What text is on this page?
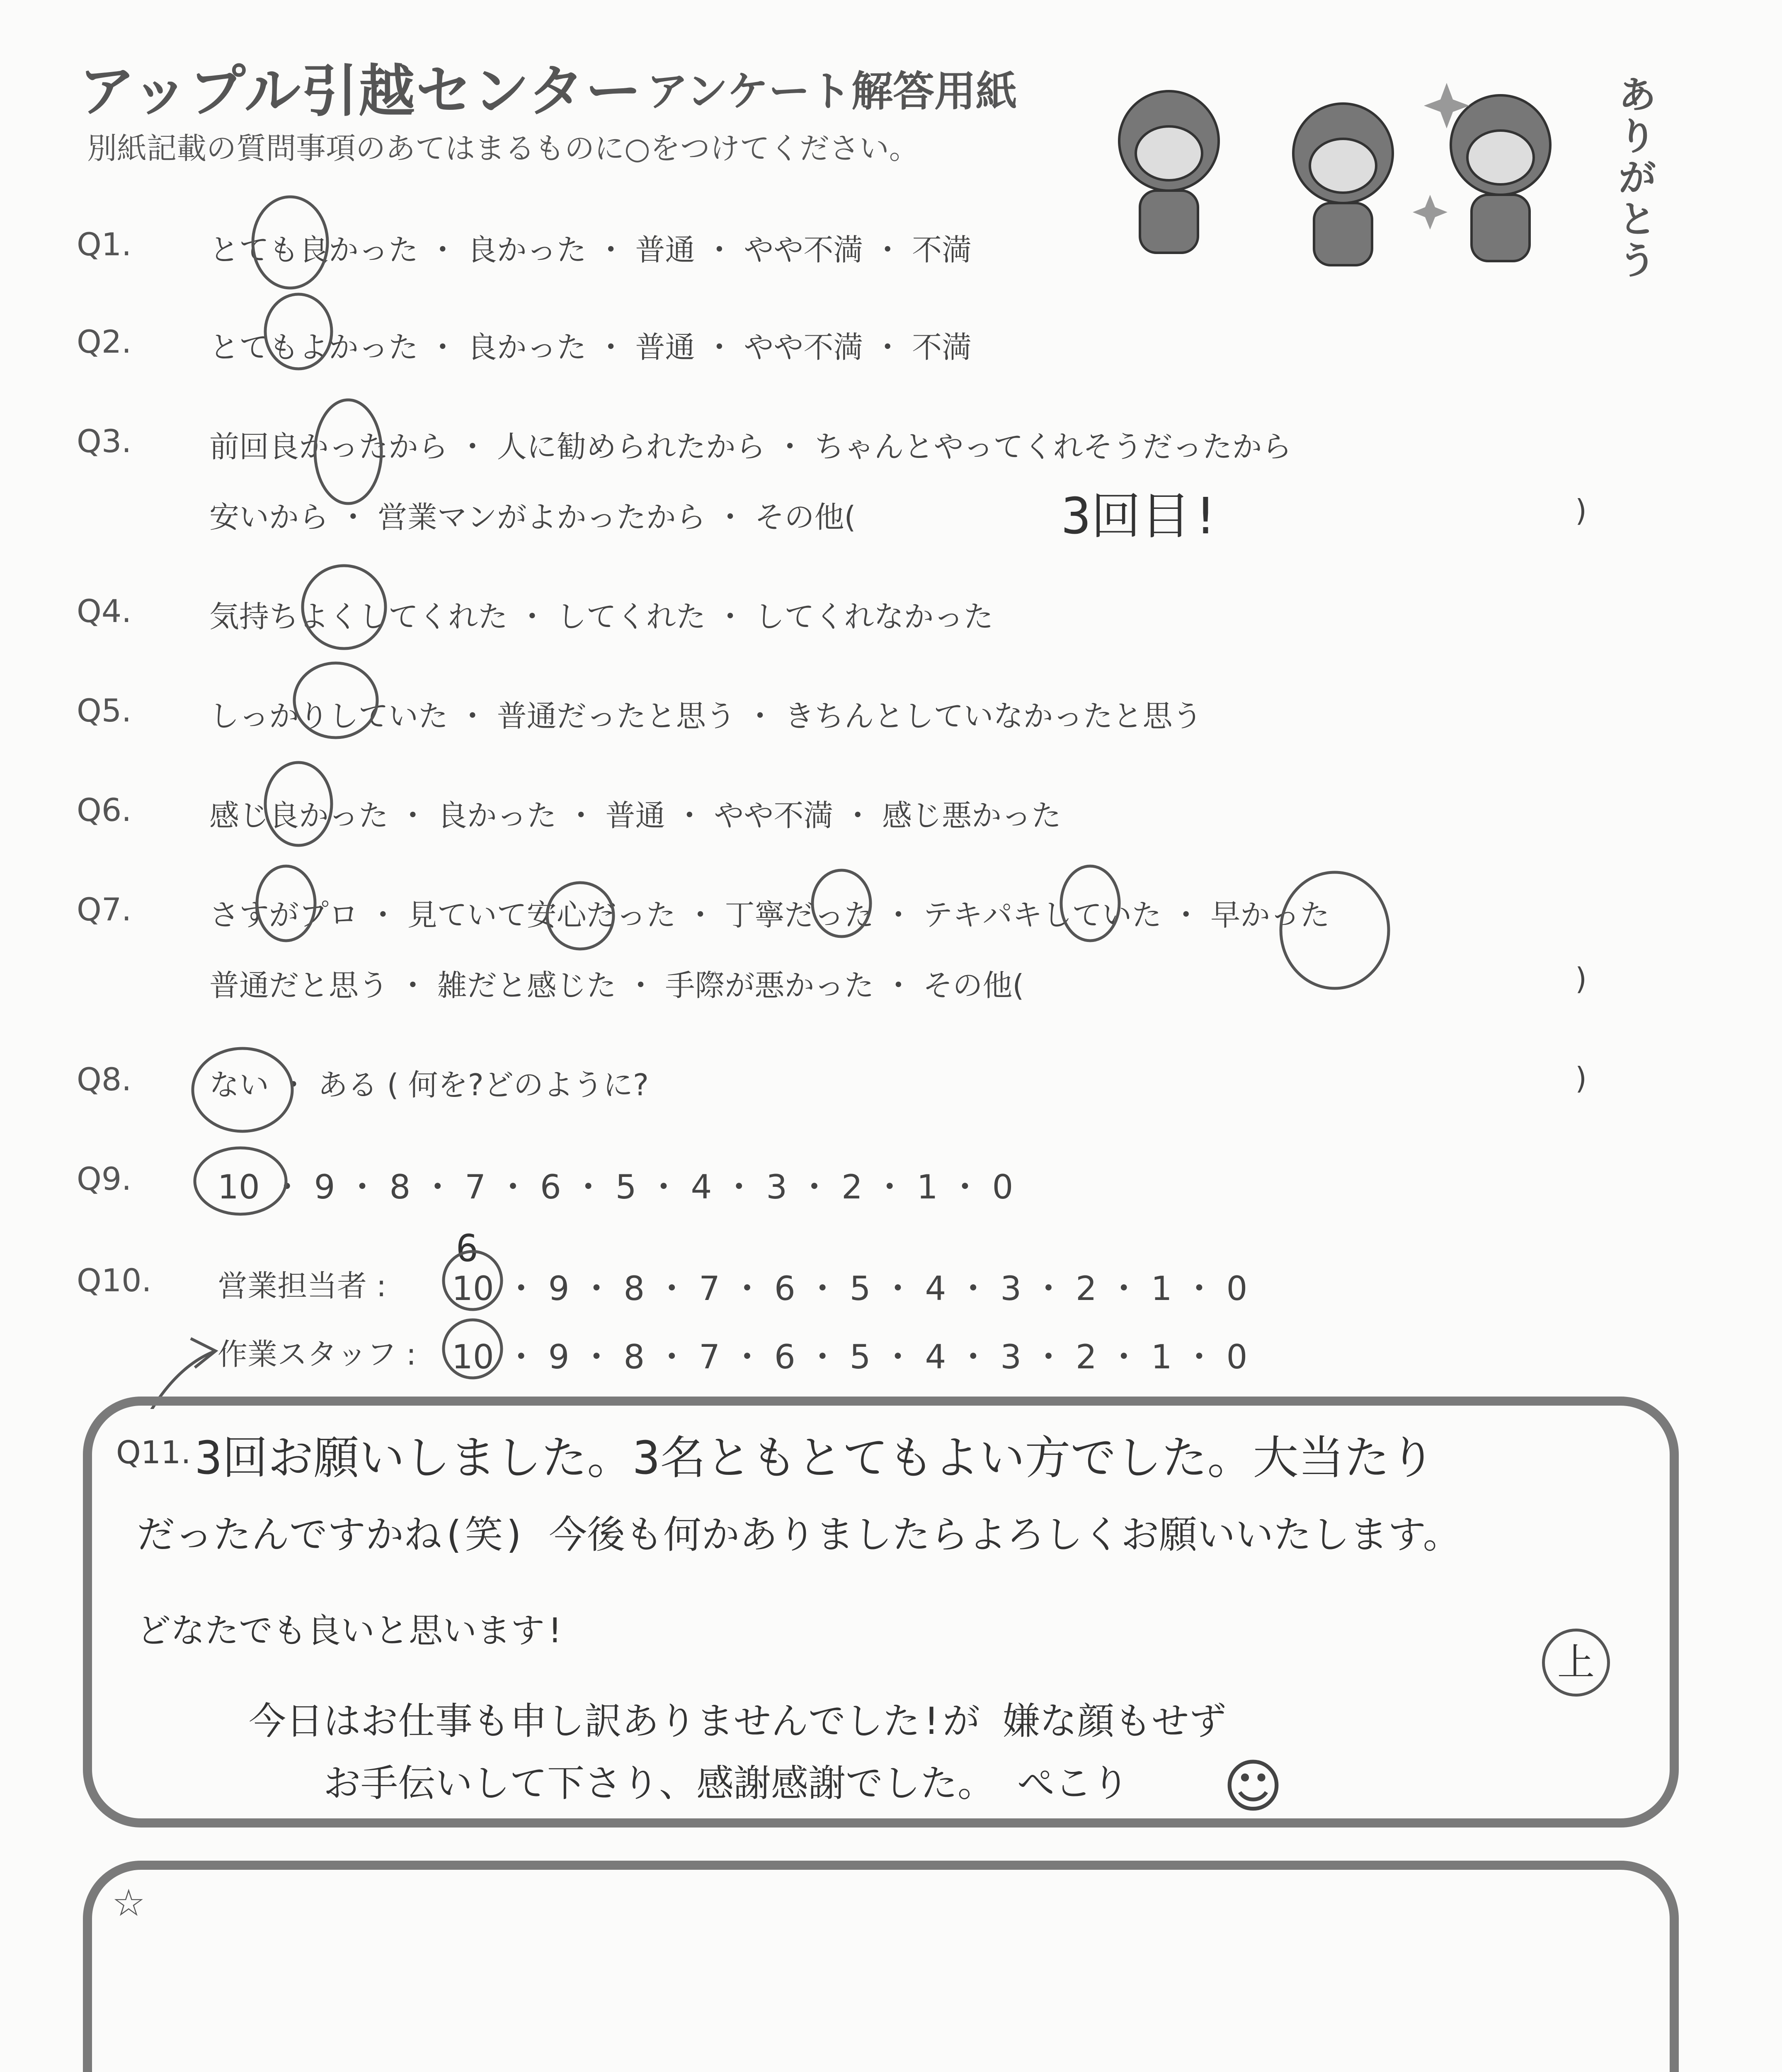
アップル引越センター アンケート解答用紙
別紙記載の質問事項のあてはまるものに○をつけてください。
ありがとう
Q1.	とても良かった ・ 良かった ・ 普通 ・ やや不満 ・ 不満
Q2.	とてもよかった ・ 良かった ・ 普通 ・ やや不満 ・ 不満
Q3.	前回良かったから ・ 人に勧められたから ・ ちゃんとやってくれそうだったから
安いから ・ 営業マンがよかったから ・ その他(	3回目!	)
Q4.	気持ちよくしてくれた ・ してくれた ・ してくれなかった
Q5.	しっかりしていた ・ 普通だったと思う ・ きちんとしていなかったと思う
Q6.	感じ良かった ・ 良かった ・ 普通 ・ やや不満 ・ 感じ悪かった
Q7.	さすがプロ ・ 見ていて安心だった ・ 丁寧だった ・ テキパキしていた ・ 早かった
普通だと思う ・ 雑だと感じた ・ 手際が悪かった ・ その他(	)
Q8.	ない ・ ある ( 何を?どのように?	)
Q9.	10 ・ 9 ・ 8 ・ 7 ・ 6 ・ 5 ・ 4 ・ 3 ・ 2 ・ 1 ・ 0
Q10. 営業担当者 : 10 ・ 9 ・ 8 ・ 7 ・ 6 ・ 5 ・ 4 ・ 3 ・ 2 ・ 1 ・ 0
6
作業スタッフ : 10 ・ 9 ・ 8 ・ 7 ・ 6 ・ 5 ・ 4 ・ 3 ・ 2 ・ 1 ・ 0
Q11. 3回お願いしました。3名ともとてもよい方でした。大当たり
だったんですかね(笑) 今後も何かありましたらよろしくお願いいたします。
どなたでも良いと思います!
今日はお仕事も申し訳ありませんでした!が 嫌な顔もせず
お手伝いして下さり、感謝感謝でした。 ぺこり
上
☺
☆
